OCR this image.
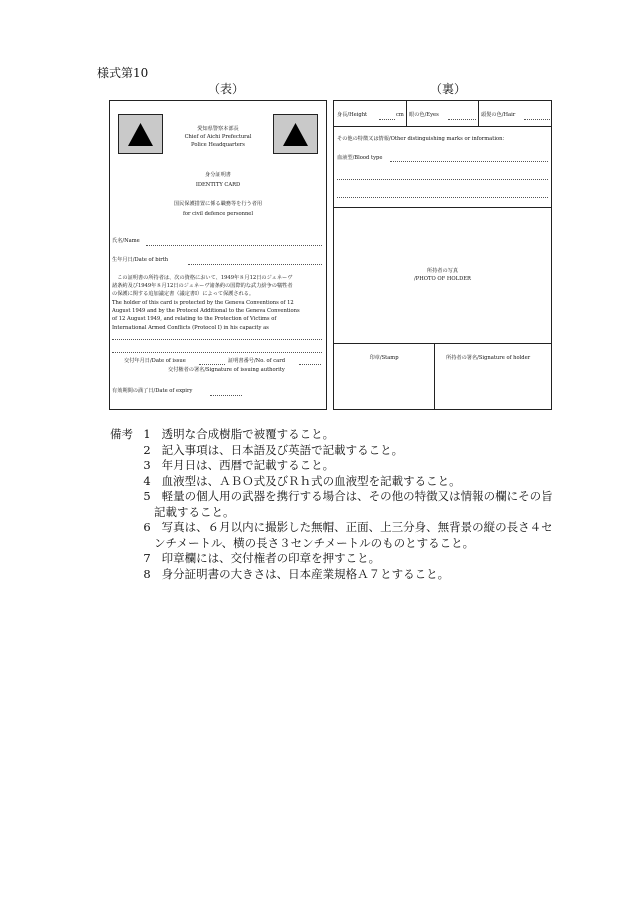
様式第10
（表）	（裏）
愛知県警察本部長
Chief of Aichi Prefectural
Police Headquarters
身分証明書
IDENTITY CARD
国民保護措置に係る職務等を行う者用
for civil defence personnel
氏名/Name
生年月日/Date of birth
　この証明書の所持者は、次の資格において、1949年８月12日のジュネーヴ
諸条約及び1949年８月12日のジュネーヴ諸条約の国際的な武力紛争の犠牲者
の保護に関する追加議定書（議定書Ⅰ）によって保護される。
The holder of this card is protected by the Geneva Conventions of 12
August 1949 and by the Protocol Additional to the Geneva Conventions
of 12 August 1949, and relating to the Protection of Victims of
International Armed Conflicts (Protocol I) in his capacity as
交付年月日/Date of issue	証明書番号/No. of card
交付権者の署名/Signature of issuing authority
有効期間の満了日/Date of expiry
身長/Height	cm 眼の色/Eyes	頭髪の色/Hair
その他の特徴又は情報/Other distinguishing marks or information：
血液型/Blood type
所持者の写真
/PHOTO OF HOLDER
印章/Stamp	所持者の署名/Signature of holder
備考 1 透明な合成樹脂で被覆すること。
2 記入事項は、日本語及び英語で記載すること。
3 年月日は、西暦で記載すること。
4 血液型は、ＡＢＯ式及びＲｈ式の血液型を記載すること。
5 軽量の個人用の武器を携行する場合は、その他の特徴又は情報の欄にその旨
記載すること。
6 写真は、６月以内に撮影した無帽、正面、上三分身、無背景の縦の長さ４セ
ンチメートル、横の長さ３センチメートルのものとすること。
7 印章欄には、交付権者の印章を押すこと。
8 身分証明書の大きさは、日本産業規格Ａ７とすること。
